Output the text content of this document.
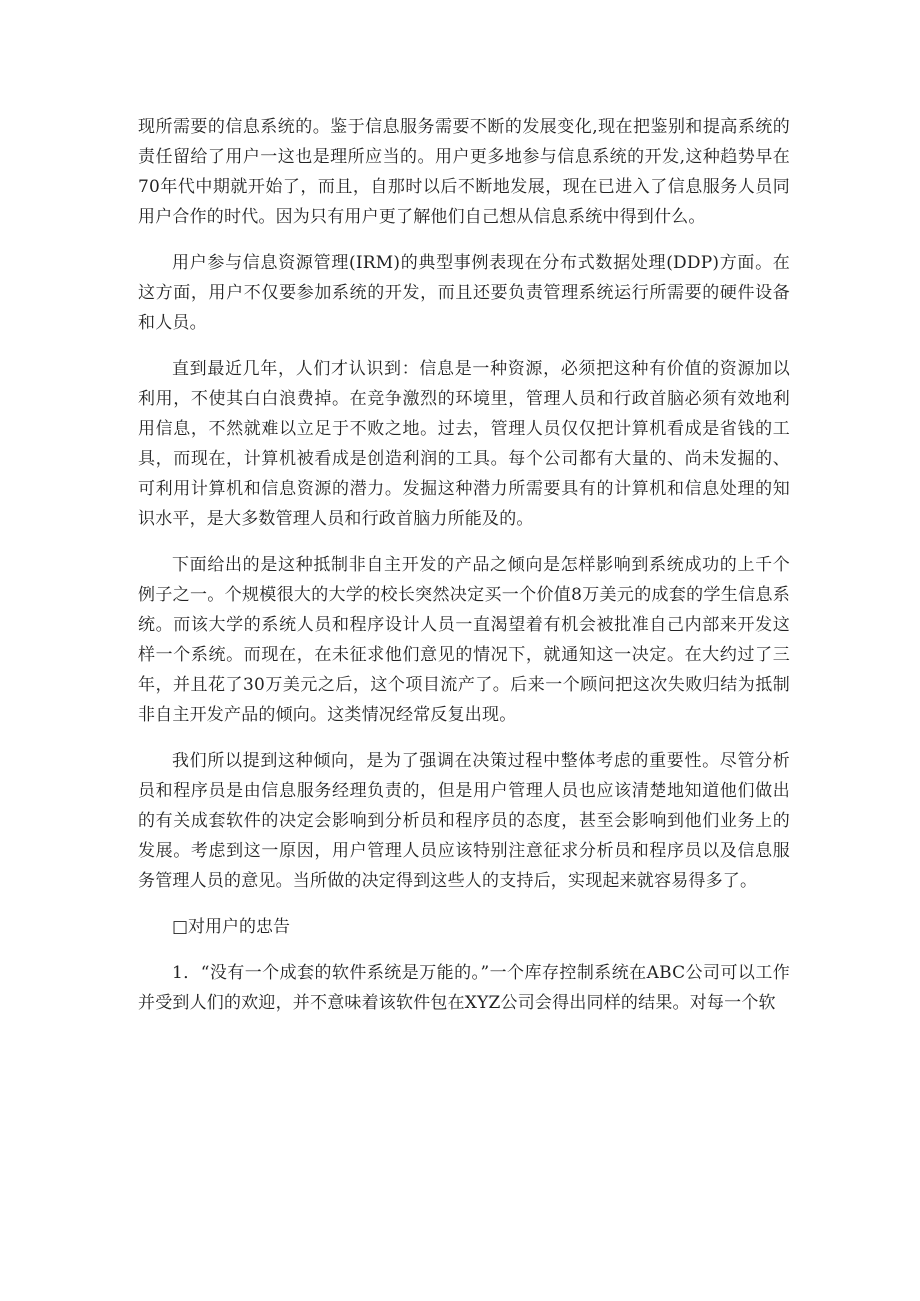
现所需要的信息系统的。鉴于信息服务需要不断的发展变化,现在把鉴别和提高系统的责任留给了用户一这也是理所应当的。用户更多地参与信息系统的开发,这种趋势早在70年代中期就开始了，而且，自那时以后不断地发展，现在已进入了信息服务人员同用户合作的时代。因为只有用户更了解他们自己想从信息系统中得到什么。

用户参与信息资源管理(IRM)的典型事例表现在分布式数据处理(DDP)方面。在这方面，用户不仅要参加系统的开发，而且还要负责管理系统运行所需要的硬件设备和人员。

直到最近几年，人们才认识到：信息是一种资源，必须把这种有价值的资源加以利用，不使其白白浪费掉。在竞争激烈的环境里，管理人员和行政首脑必须有效地利用信息，不然就难以立足于不败之地。过去，管理人员仅仅把计算机看成是省钱的工具，而现在，计算机被看成是创造利润的工具。每个公司都有大量的、尚未发掘的、可利用计算机和信息资源的潜力。发掘这种潜力所需要具有的计算机和信息处理的知识水平，是大多数管理人员和行政首脑力所能及的。

下面给出的是这种抵制非自主开发的产品之倾向是怎样影响到系统成功的上千个例子之一。个规模很大的大学的校长突然决定买一个价值8万美元的成套的学生信息系统。而该大学的系统人员和程序设计人员一直渴望着有机会被批准自己内部来开发这样一个系统。而现在，在未征求他们意见的情况下，就通知这一决定。在大约过了三年，并且花了30万美元之后，这个项目流产了。后来一个顾问把这次失败归结为抵制非自主开发产品的倾向。这类情况经常反复出现。

我们所以提到这种倾向，是为了强调在决策过程中整体考虑的重要性。尽管分析员和程序员是由信息服务经理负责的，但是用户管理人员也应该清楚地知道他们做出的有关成套软件的决定会影响到分析员和程序员的态度，甚至会影响到他们业务上的发展。考虑到这一原因，用户管理人员应该特别注意征求分析员和程序员以及信息服务管理人员的意见。当所做的决定得到这些人的支持后，实现起来就容易得多了。

□对用户的忠告

1．“没有一个成套的软件系统是万能的。”一个库存控制系统在ABC公司可以工作并受到人们的欢迎，并不意味着该软件包在XYZ公司会得出同样的结果。对每一个软
